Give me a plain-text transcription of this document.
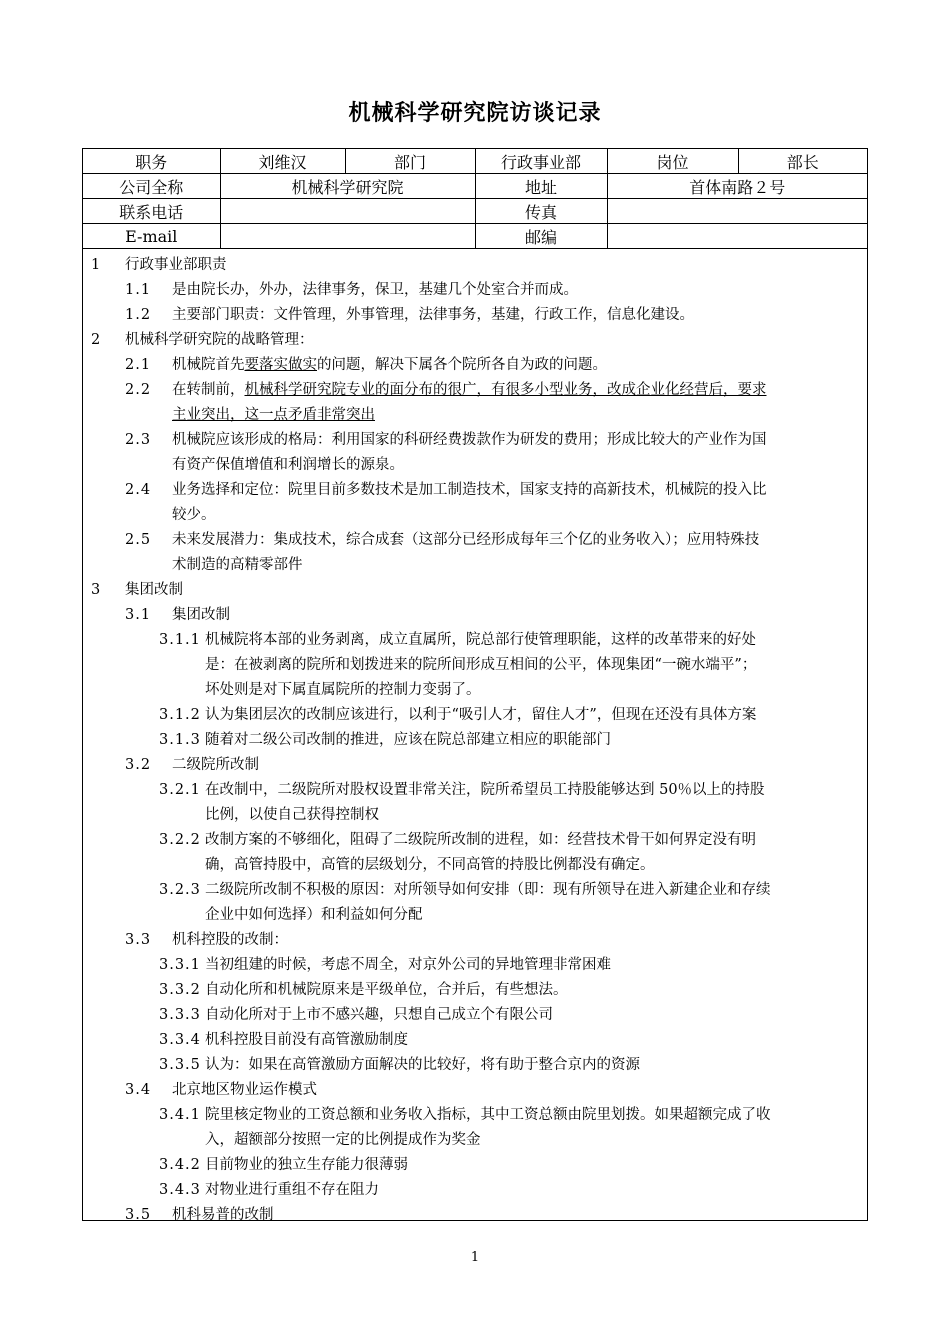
机械科学研究院访谈记录
职务	刘维汉	部门	行政事业部	岗位	部长
公司全称	机械科学研究院		地址	首体南路２号	
联系电话			传真		
E-mail			邮编		
1 行政事业部职责
1.1 是由院长办，外办，法律事务，保卫，基建几个处室合并而成。
1.2 主要部门职责：文件管理，外事管理，法律事务，基建，行政工作，信息化建设。
2 机械科学研究院的战略管理：
2.1 机械院首先要落实做实的问题，解决下属各个院所各自为政的问题。
2.2 在转制前，机械科学研究院专业的面分布的很广，有很多小型业务，改成企业化经营后，要求
主业突出，这一点矛盾非常突出
2.3 机械院应该形成的格局：利用国家的科研经费拨款作为研发的费用；形成比较大的产业作为国
有资产保值增值和利润增长的源泉。
2.4 业务选择和定位：院里目前多数技术是加工制造技术，国家支持的高新技术，机械院的投入比
较少。
2.5 未来发展潜力：集成技术，综合成套（这部分已经形成每年三个亿的业务收入）；应用特殊技
术制造的高精零部件
3 集团改制
3.1 集团改制
3.1.1 机械院将本部的业务剥离，成立直属所，院总部行使管理职能，这样的改革带来的好处
是：在被剥离的院所和划拨进来的院所间形成互相间的公平，体现集团“一碗水端平”；
坏处则是对下属直属院所的控制力变弱了。
3.1.2 认为集团层次的改制应该进行，以利于“吸引人才，留住人才”，但现在还没有具体方案
3.1.3 随着对二级公司改制的推进，应该在院总部建立相应的职能部门
3.2 二级院所改制
3.2.1 在改制中，二级院所对股权设置非常关注，院所希望员工持股能够达到 50％以上的持股
比例，以使自己获得控制权
3.2.2 改制方案的不够细化，阻碍了二级院所改制的进程，如：经营技术骨干如何界定没有明
确，高管持股中，高管的层级划分，不同高管的持股比例都没有确定。
3.2.3 二级院所改制不积极的原因：对所领导如何安排（即：现有所领导在进入新建企业和存续
企业中如何选择）和利益如何分配
3.3 机科控股的改制：
3.3.1 当初组建的时候，考虑不周全，对京外公司的异地管理非常困难
3.3.2 自动化所和机械院原来是平级单位，合并后，有些想法。
3.3.3 自动化所对于上市不感兴趣，只想自己成立个有限公司
3.3.4 机科控股目前没有高管激励制度
3.3.5 认为：如果在高管激励方面解决的比较好，将有助于整合京内的资源
3.4 北京地区物业运作模式
3.4.1 院里核定物业的工资总额和业务收入指标，其中工资总额由院里划拨。如果超额完成了收
入，超额部分按照一定的比例提成作为奖金
3.4.2 目前物业的独立生存能力很薄弱
3.4.3 对物业进行重组不存在阻力
3.5 机科易普的改制
1
